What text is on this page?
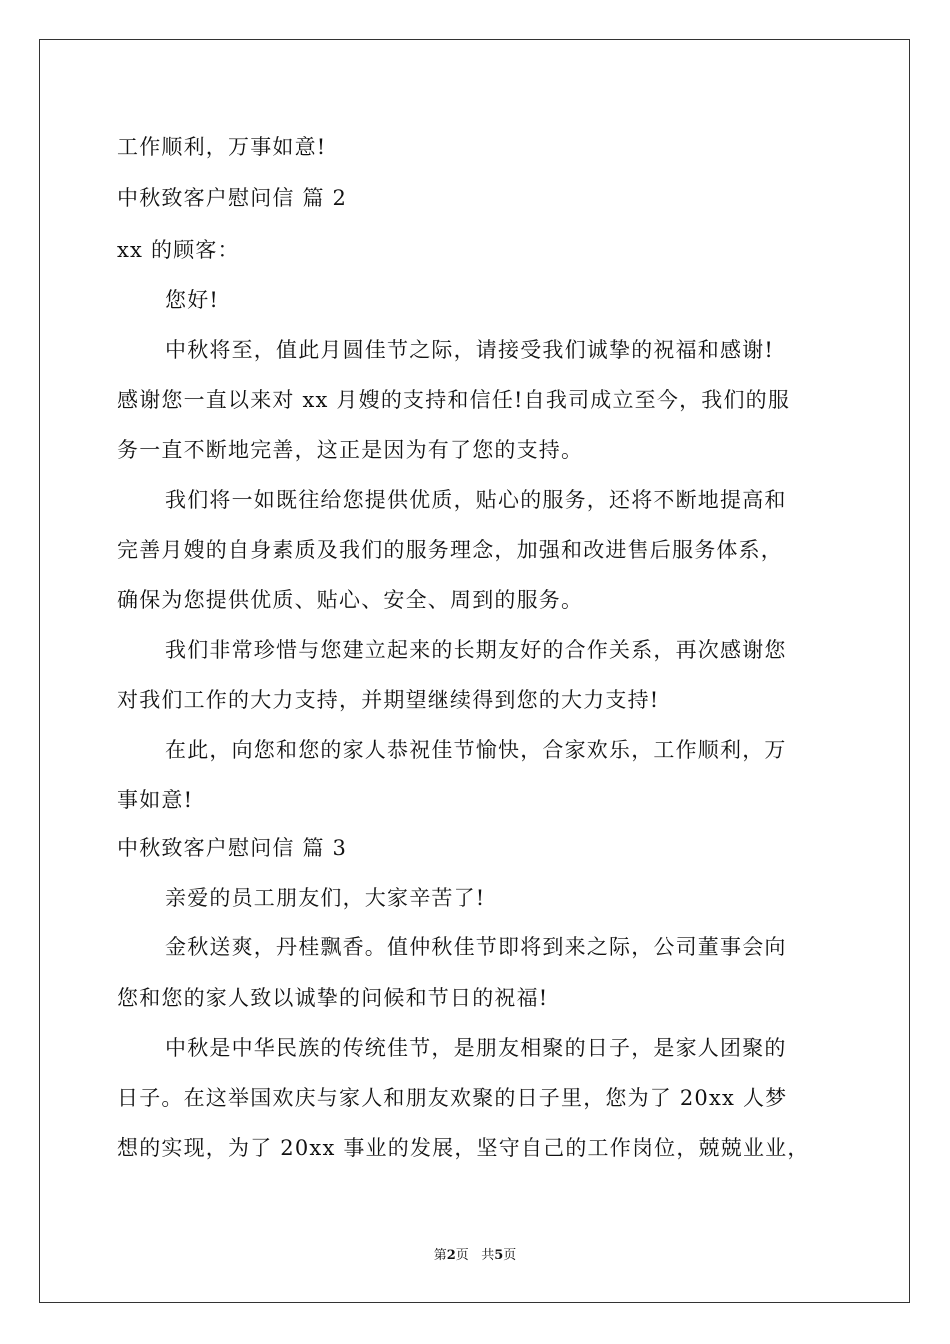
工作顺利，万事如意!
中秋致客户慰问信 篇 2
xx 的顾客：
您好!
中秋将至，值此月圆佳节之际，请接受我们诚挚的祝福和感谢!
感谢您一直以来对 xx 月嫂的支持和信任!自我司成立至今，我们的服
务一直不断地完善，这正是因为有了您的支持。
我们将一如既往给您提供优质，贴心的服务，还将不断地提高和
完善月嫂的自身素质及我们的服务理念，加强和改进售后服务体系，
确保为您提供优质、贴心、安全、周到的服务。
我们非常珍惜与您建立起来的长期友好的合作关系，再次感谢您
对我们工作的大力支持，并期望继续得到您的大力支持!
在此，向您和您的家人恭祝佳节愉快，合家欢乐，工作顺利，万
事如意!
中秋致客户慰问信 篇 3
亲爱的员工朋友们，大家辛苦了!
金秋送爽，丹桂飘香。值仲秋佳节即将到来之际，公司董事会向
您和您的家人致以诚挚的问候和节日的祝福!
中秋是中华民族的传统佳节，是朋友相聚的日子，是家人团聚的
日子。在这举国欢庆与家人和朋友欢聚的日子里，您为了 20xx 人梦
想的实现，为了 20xx 事业的发展，坚守自己的工作岗位，兢兢业业，
第2页 共5页
